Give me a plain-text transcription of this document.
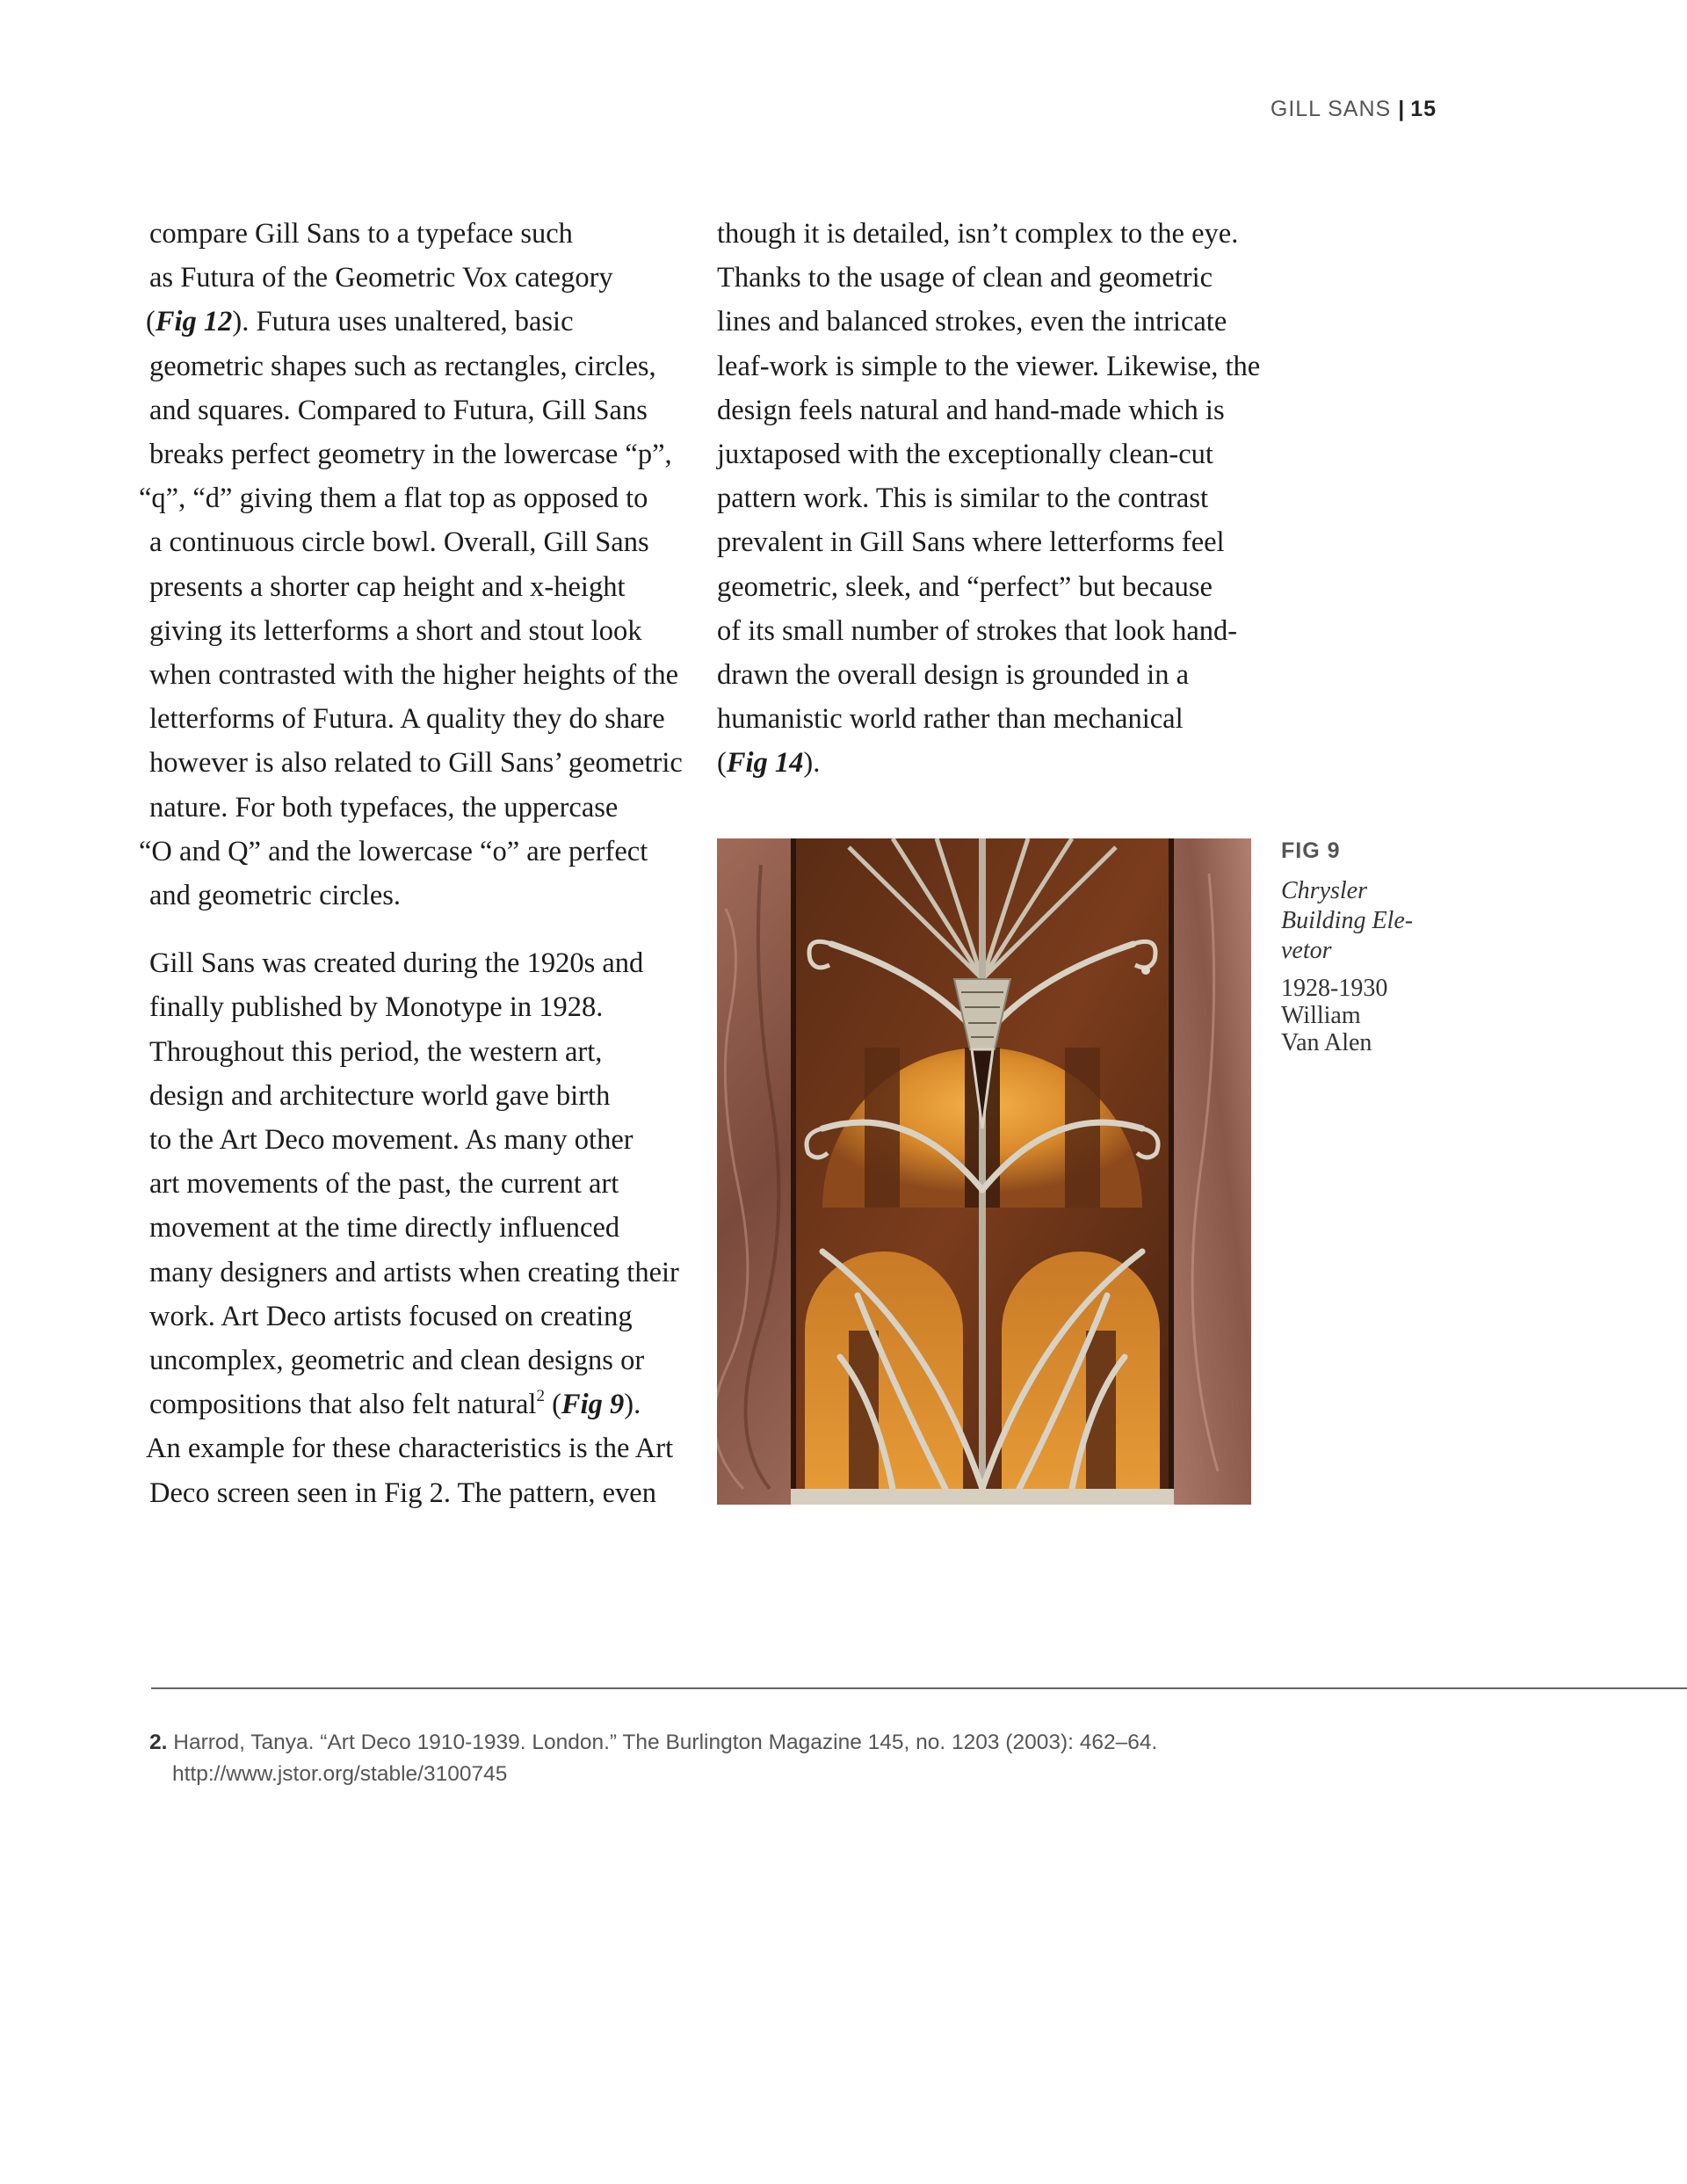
GILL SANS | 15
compare Gill Sans to a typeface such
as Futura of the Geometric Vox category
(Fig 12). Futura uses unaltered, basic
geometric shapes such as rectangles, circles,
and squares. Compared to Futura, Gill Sans
breaks perfect geometry in the lowercase “p”,
“q”, “d” giving them a flat top as opposed to
a continuous circle bowl. Overall, Gill Sans
presents a shorter cap height and x-height
giving its letterforms a short and stout look
when contrasted with the higher heights of the
letterforms of Futura. A quality they do share
however is also related to Gill Sans’ geometric
nature. For both typefaces, the uppercase
“O and Q” and the lowercase “o” are perfect
and geometric circles.
Gill Sans was created during the 1920s and
finally published by Monotype in 1928.
Throughout this period, the western art,
design and architecture world gave birth
to the Art Deco movement. As many other
art movements of the past, the current art
movement at the time directly influenced
many designers and artists when creating their
work. Art Deco artists focused on creating
uncomplex, geometric and clean designs or
compositions that also felt natural$^2$ (Fig 9).
An example for these characteristics is the Art
Deco screen seen in Fig 2. The pattern, even
though it is detailed, isn’t complex to the eye.
Thanks to the usage of clean and geometric
lines and balanced strokes, even the intricate
leaf-work is simple to the viewer. Likewise, the
design feels natural and hand-made which is
juxtaposed with the exceptionally clean-cut
pattern work. This is similar to the contrast
prevalent in Gill Sans where letterforms feel
geometric, sleek, and “perfect” but because
of its small number of strokes that look hand-
drawn the overall design is grounded in a
humanistic world rather than mechanical
(Fig 14).
FIG 9
Chrysler
Building Ele-
vetor
1928-1930
William
Van Alen
2. Harrod, Tanya. “Art Deco 1910-1939. London.” The Burlington Magazine 145, no. 1203 (2003): 462–64.
http://www.jstor.org/stable/3100745
